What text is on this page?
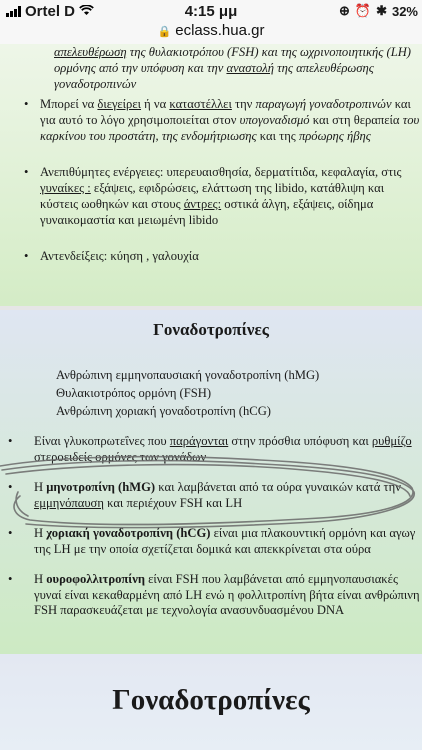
Ortel D	4:15 μμ	⊕ ⏰ ✱ 32%
🔒 eclass.hua.gr
απελευθέρωση της θυλακιοτρόπου (FSH) και της ωχρινοποιητικής (LH)
ορμόνης από την υπόφυση και την αναστολή της απελευθέρωσης
γοναδοτροπινών
• Μπορεί να διεγείρει ή να καταστέλλει την παραγωγή γοναδοτροπινών και για αυτό το λόγο χρησιμοποιείται στον υπογοναδισμό και στη θεραπεία του καρκίνου του προστάτη, της ενδομήτριωσης και της πρόωρης ήβης
• Ανεπιθύμητες ενέργειες: υπερευαισθησία, δερματίτιδα, κεφαλαγία, στις γυναίκες : εξάψεις, εφιδρώσεις, ελάττωση της libido, κατάθλιψη και κύστεις ωοθηκών και στους άντρες: οστικά άλγη, εξάψεις, οίδημα γυναικομαστία και μειωμένη libido
• Αντενδείξεις: κύηση , γαλουχία
Γοναδοτροπίνες
Ανθρώπινη εμμηνοπαυσιακή γοναδοτροπίνη (hMG)
Θυλακιοτρόπος ορμόνη (FSH)
Ανθρώπινη χοριακή γοναδοτροπίνη (hCG)
• Είναι γλυκοπρωτεΐνες που παράγονται στην πρόσθια υπόφυση και ρυθμίζο στεροειδείς ορμόνες των γονάδων
• Η μηνοτροπίνη (hMG) και λαμβάνεται από τα ούρα γυναικών κατά την εμμηνόπαυση και περιέχουν FSH και LH
• Η χοριακή γοναδοτροπίνη (hCG) είναι μια πλακουντική ορμόνη και αγωγ της LH με την οποία σχετίζεται δομικά και απεκκρίνεται στα ούρα
• Η ουροφολλιτροπίνη είναι FSH που λαμβάνεται από εμμηνοπαυσιακές γυναί είναι κεκαθαρμένη από LH ενώ η φολλιτροπίνη βήτα είναι ανθρώπινη FSH παρασκευάζεται με τεχνολογία ανασυνδυασμένου DNA
Γοναδοτροπίνες
